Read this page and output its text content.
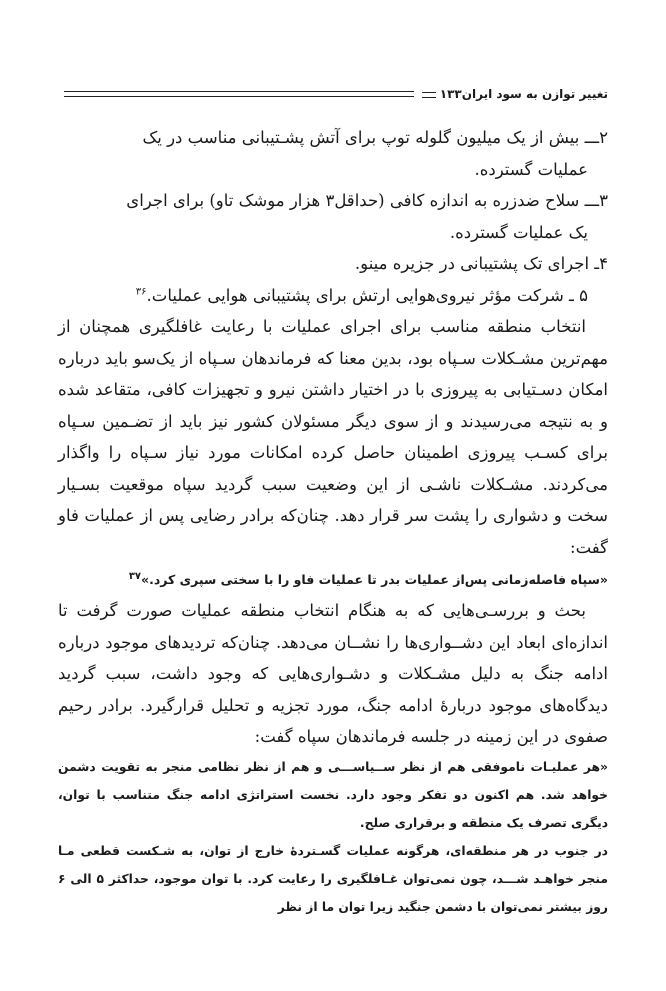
۱۳۳ تغییر توازن به سود ایران
۲ـــ بیش از یک میلیون گلوله توپ برای آتش پشـتیبانی مناسب در یک
عملیات گسترده.
۳ـــ سلاح ضدزره به اندازه کافی (حداقل۳ هزار موشک تاو) برای اجرای
یک عملیات گسترده.
۴ـ اجرای تک پشتیبانی در جزیره مینو.
۵ ـ شرکت مؤثر نیروی‌هوایی ارتش برای پشتیبانی هوایی عملیات.$^{۳۶}$

انتخاب منطقه مناسب برای اجرای عملیات با رعایت غافلگیری همچنان از مهم‌ترین مشـکلات سـپاه بود، بدین معنا که فرماندهان سـپاه از یک‌سو باید درباره امکان دسـتیابی به پیروزی با در اختیار داشتن نیرو و تجهیزات کافی، متقاعد شده و به نتیجه می‌رسیدند و از سوی دیگر مسئولان کشور نیز باید از تضـمین سـپاه برای کسـب پیروزی اطمینان حاصل کرده امکانات مورد نیاز سـپاه را واگذار می‌کردند. مشـکلات ناشـی از این وضعیت سبب گردید سپاه موقعیت بسـیار سخت و دشواری را پشت سر قرار دهد. چنان‌که برادر رضایی پس از عملیات فاو گفت:

«سپاه فاصله‌زمانی پس‌از عملیات بدر تا عملیات فاو را با سختی سپری کرد.»$^{۳۷}$

بحث و بررسـی‌هایی که به هنگام انتخاب منطقه عملیات صورت گرفت تا اندازه‌ای ابعاد این دشــواری‌ها را نشــان می‌دهد. چنان‌که تردیدهای موجود درباره ادامه جنگ به دلیل مشـکلات و دشـواری‌هایی که وجود داشت، سبب گردید دیدگاه‌های موجود دربارهٔ ادامه جنگ، مورد تجزیه و تحلیل قرارگیرد. برادر رحیم صفوی در این زمینه در جلسه فرماندهان سپاه گفت:

«هر عملیـات ناموفقی هم از نظر ســیاســـی و هم از نظر نظامی منجر به تقویت دشمن خواهد شد. هم اکنون دو تفکر وجود دارد. نخست استراتژی ادامه جنگ متناسب با توان، دیگری تصرف یک منطقه و برقراری صلح.

در جنوب در هر منطقه‌ای، هرگونه عملیات گسـتردهٔ خارج از توان، به شـکست قطعی مـا منجر خواهـد شـــد، چون نمی‌توان غـافلگیری را رعایت کرد. با توان موجود، حداکثر ۵ الی ۶ روز بیشتر نمی‌توان با دشمن جنگید زیرا توان ما از نظر
